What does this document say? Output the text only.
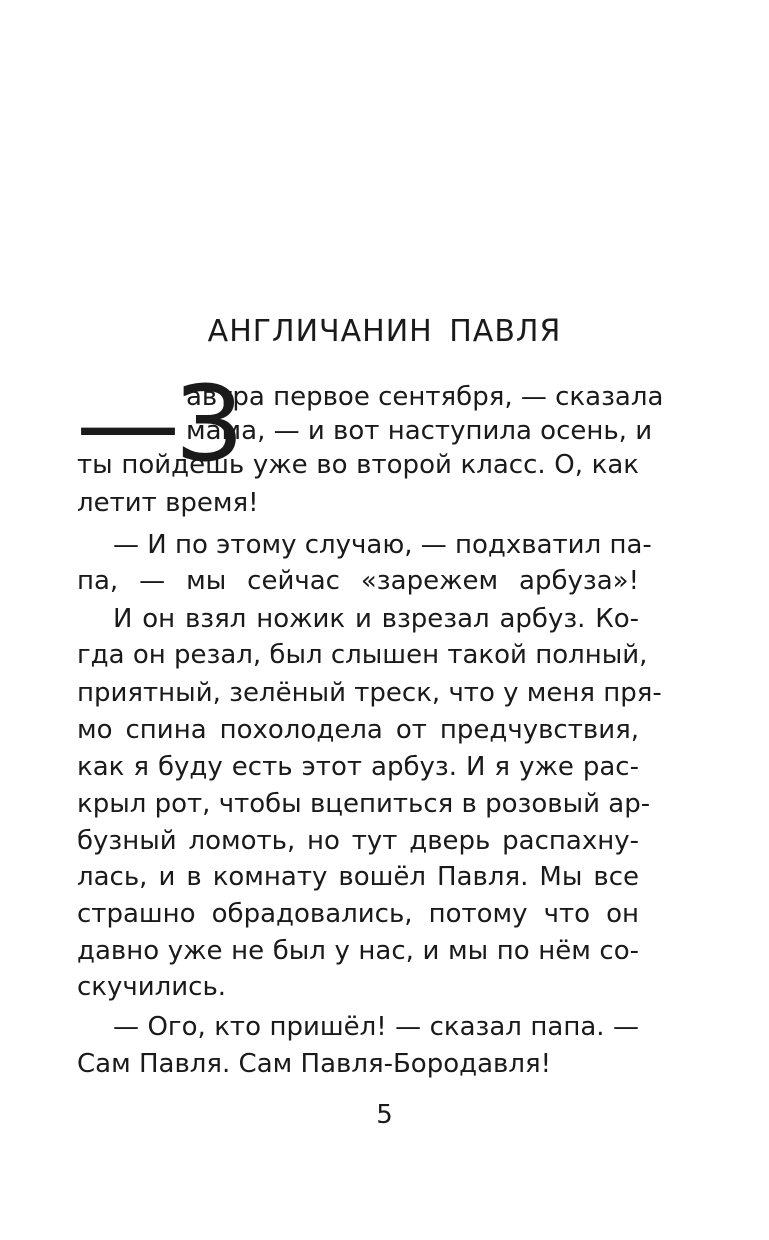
АНГЛИЧАНИН ПАВЛЯ
—З
автра первое сентября, — сказала
мама, — и вот наступила осень, и
ты пойдёшь уже во второй класс. О, как
летит время!
— И по этому случаю, — подхватил па-
па, — мы сейчас «зарежем арбуза»!
И он взял ножик и взрезал арбуз. Ко-
гда он резал, был слышен такой полный,
приятный, зелёный треск, что у меня пря-
мо спина похолодела от предчувствия,
как я буду есть этот арбуз. И я уже рас-
крыл рот, чтобы вцепиться в розовый ар-
бузный ломоть, но тут дверь распахну-
лась, и в комнату вошёл Павля. Мы все
страшно обрадовались, потому что он
давно уже не был у нас, и мы по нём со-
скучились.
— Ого, кто пришёл! — сказал папа. —
Сам Павля. Сам Павля-Бородавля!
5
